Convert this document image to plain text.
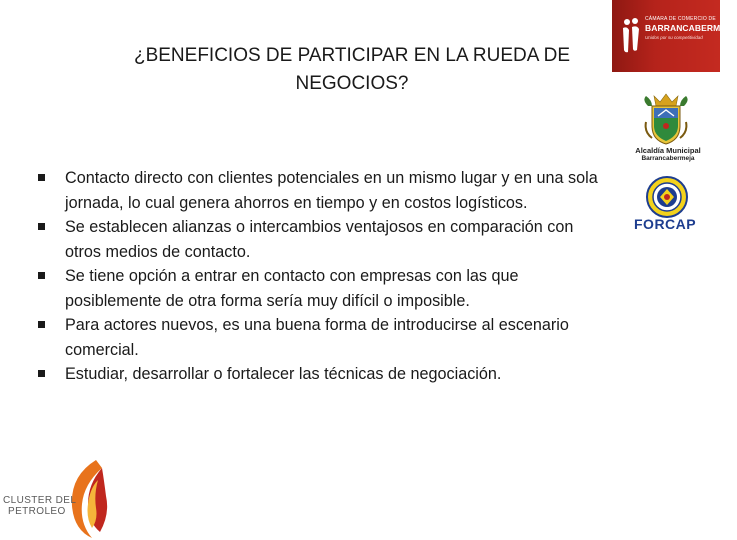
CÁMARA DE COMERCIO DE
BARRANCABERMEJA
Unidos por su competitividad
¿BENEFICIOS DE PARTICIPAR EN LA RUEDA DE
NEGOCIOS?
Contacto directo con clientes potenciales en un mismo lugar y en una sola jornada, lo cual genera ahorros en tiempo y en costos logísticos.
Se establecen alianzas o intercambios ventajosos en comparación con otros medios de contacto.
Se tiene opción a entrar en contacto con empresas con las que posiblemente de otra forma sería muy difícil o imposible.
Para actores nuevos, es una buena forma de introducirse al escenario comercial.
Estudiar, desarrollar o fortalecer las técnicas de negociación.
Alcaldía Municipal
Barrancabermeja
FORCAP
CLUSTER DEL
PETROLEO
